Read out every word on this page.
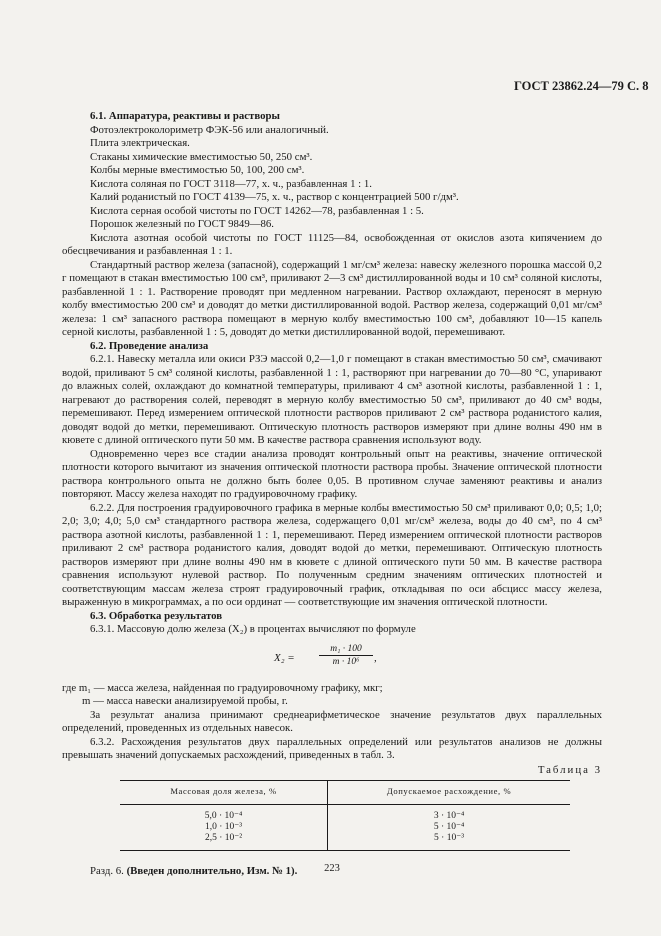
ГОСТ 23862.24—79 С. 8

6.1. Аппаратура, реактивы и растворы

Фотоэлектроколориметр ФЭК-56 или аналогичный.

Плита электрическая.

Стаканы химические вместимостью 50, 250 см³.

Колбы мерные вместимостью 50, 100, 200 см³.

Кислота соляная по ГОСТ 3118—77, х. ч., разбавленная 1 : 1.

Калий роданистый по ГОСТ 4139—75, х. ч., раствор с концентрацией 500 г/дм³.

Кислота серная особой чистоты по ГОСТ 14262—78, разбавленная 1 : 5.

Порошок железный по ГОСТ 9849—86.

Кислота азотная особой чистоты по ГОСТ 11125—84, освобожденная от окислов азота кипячением до обесцвечивания и разбавленная 1 : 1.

Стандартный раствор железа (запасной), содержащий 1 мг/см³ железа: навеску железного порошка массой 0,2 г помещают в стакан вместимостью 100 см³, приливают 2—3 см³ дистиллированной воды и 10 см³ соляной кислоты, разбавленной 1 : 1. Растворение проводят при медленном нагревании. Раствор охлаждают, переносят в мерную колбу вместимостью 200 см³ и доводят до метки дистиллированной водой. Раствор железа, содержащий 0,01 мг/см³ железа: 1 см³ запасного раствора помещают в мерную колбу вместимостью 100 см³, добавляют 10—15 капель серной кислоты, разбавленной 1 : 5, доводят до метки дистиллированной водой, перемешивают.

6.2. Проведение анализа

6.2.1. Навеску металла или окиси РЗЭ массой 0,2—1,0 г помещают в стакан вместимостью 50 см³, смачивают водой, приливают 5 см³ соляной кислоты, разбавленной 1 : 1, растворяют при нагревании до 70—80 °С, упаривают до влажных солей, охлаждают до комнатной температуры, приливают 4 см³ азотной кислоты, разбавленной 1 : 1, нагревают до растворения солей, переводят в мерную колбу вместимостью 50 см³, приливают до 40 см³ воды, перемешивают. Перед измерением оптической плотности растворов приливают 2 см³ раствора роданистого калия, доводят водой до метки, перемешивают. Оптическую плотность растворов измеряют при длине волны 490 нм в кювете с длиной оптического пути 50 мм. В качестве раствора сравнения используют воду.

Одновременно через все стадии анализа проводят контрольный опыт на реактивы, значение оптической плотности которого вычитают из значения оптической плотности раствора пробы. Значение оптической плотности раствора контрольного опыта не должно быть более 0,05. В противном случае заменяют реактивы и анализ повторяют. Массу железа находят по градуировочному графику.

6.2.2. Для построения градуировочного графика в мерные колбы вместимостью 50 см³ приливают 0,0; 0,5; 1,0; 2,0; 3,0; 4,0; 5,0 см³ стандартного раствора железа, содержащего 0,01 мг/см³ железа, воды до 40 см³, по 4 см³ раствора азотной кислоты, разбавленной 1 : 1, перемешивают. Перед измерением оптической плотности растворов приливают 2 см³ раствора роданистого калия, доводят водой до метки, перемешивают. Оптическую плотность растворов измеряют при длине волны 490 нм в кювете с длиной оптического пути 50 мм. В качестве раствора сравнения используют нулевой раствор. По полученным средним значениям оптических плотностей и соответствующим массам железа строят градуировочный график, откладывая по оси абсцисс массу железа, выраженную в микрограммах, а по оси ординат — соответствующие им значения оптической плотности.

6.3. Обработка результатов

6.3.1. Массовую долю железа (X₂) в процентах вычисляют по формуле

X₂ =	$\frac{\text{m₁ · 100}}{\text{m · 10⁶}}$ ,

где m₁ — масса железа, найденная по градуировочному графику, мкг;

m — масса навески анализируемой пробы, г.

За результат анализа принимают среднеарифметическое значение результатов двух параллельных определений, проведенных из отдельных навесок.

6.3.2. Расхождения результатов двух параллельных определений или результатов анализов не должны превышать значений допускаемых расхождений, приведенных в табл. 3.

Таблица 3
Массовая доля железа, %	Допускаемое расхождение, %
5,0 · 10⁻⁴	3 · 10⁻⁴
1,0 · 10⁻³	5 · 10⁻⁴
2,5 · 10⁻²	5 · 10⁻³

Разд. 6. (Введен дополнительно, Изм. № 1).	223
